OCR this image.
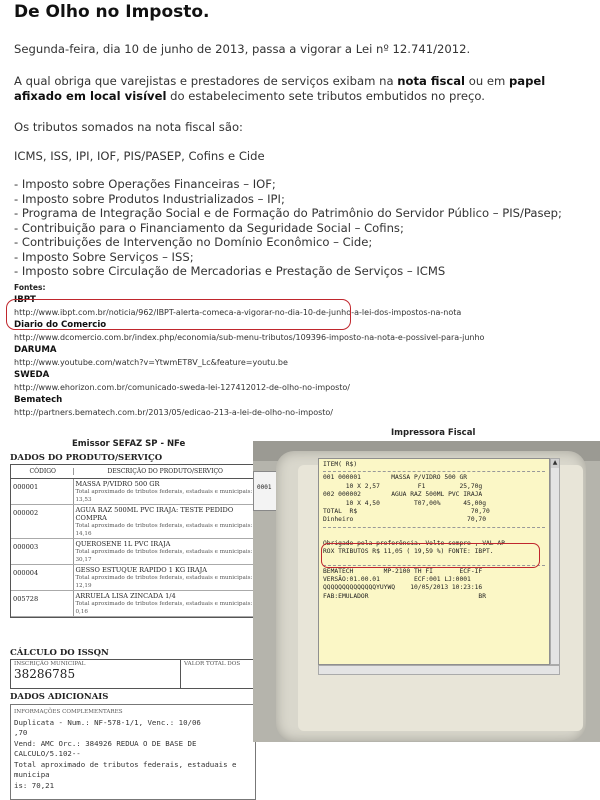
De Olho no Imposto.
Segunda-feira, dia 10 de junho de 2013, passa a vigorar a Lei nº 12.741/2012.
A qual obriga que varejistas e prestadores de serviços exibam na nota fiscal ou em papel afixado em local visível do estabelecimento sete tributos embutidos no preço.
Os tributos somados na nota fiscal são:
ICMS, ISS, IPI, IOF, PIS/PASEP, Cofins e Cide
- Imposto sobre Operações Financeiras – IOF;
- Imposto sobre Produtos Industrializados – IPI;
- Programa de Integração Social e de Formação do Patrimônio do Servidor Público – PIS/Pasep;
- Contribuição para o Financiamento da Seguridade Social – Cofins;
- Contribuições de Intervenção no Domínio Econômico – Cide;
- Imposto Sobre Serviços – ISS;
- Imposto sobre Circulação de Mercadorias e Prestação de Serviços – ICMS
Fontes:
IBPT
http://www.ibpt.com.br/noticia/962/IBPT-alerta-comeca-a-vigorar-no-dia-10-de-junho-a-lei-dos-impostos-na-nota
Diario do Comercio
http://www.dcomercio.com.br/index.php/economia/sub-menu-tributos/109396-imposto-na-nota-e-possivel-para-junho
DARUMA
http://www.youtube.com/watch?v=YtwmET8V_Lc&feature=youtu.be
SWEDA
http://www.ehorizon.com.br/comunicado-sweda-lei-127412012-de-olho-no-imposto/
Bematech
http://partners.bematech.com.br/2013/05/edicao-213-a-lei-de-olho-no-imposto/
Emissor SEFAZ SP - NFe
DADOS DO PRODUTO/SERVIÇO
CÓDIGO	DESCRIÇÃO DO PRODUTO/SERVIÇO
000001	MASSA P/VIDRO 500 GR
Total aproximado de tributos federais, estaduais e municipais: 13,53
000002	AGUA RAZ 500ML PVC IRAJA: TESTE PEDIDO COMPRA
Total aproximado de tributos federais, estaduais e municipais: 14,16
000003	QUEROSENE 1L PVC IRAJA
Total aproximado de tributos federais, estaduais e municipais: 30,17
000004	GESSO ESTUQUE RAPIDO 1 KG IRAJA
Total aproximado de tributos federais, estaduais e municipais: 12,19
005728	ARRUELA LISA ZINCADA 1/4
Total aproximado de tributos federais, estaduais e municipais: 0,16
CÁLCULO DO ISSQN
INSCRIÇÃO MUNICIPAL
38286785
VALOR TOTAL DOS
DADOS ADICIONAIS
INFORMAÇÕES COMPLEMENTARES
Duplicata - Num.: NF-578-1/1, Venc.: 10/06
,70
Vend: AMC Orc.: 384926 REDUA O DE BASE DE CALCULO/5.102--
Total aproximado de tributos federais, estaduais e municipa
is: 70,21
Impressora Fiscal
0001
ITEM( R$)
001 000001        MASSA P/VIDRO 500 GR
10 X 2,57          F1         25,70g
002 000002        AGUA RAZ 500ML PVC IRAJA
10 X 4,50         T07,00%      45,00g
TOTAL  R$                              70,70
Dinheiro                              70,70
Obrigado pela preferência. Volte sempre , VAL AP
ROX TRIBUTOS R$ 11,05 ( 19,59 %) FONTE: IBPT.
BEMATECH        MP-2100 TH FI       ECF-IF
VERSÃO:01.00.01         ECF:001 LJ:0001
QQQQQQQQQQQQQQYUYWQ    10/05/2013 10:23:16
FAB:EMULADOR                             BR
▲
